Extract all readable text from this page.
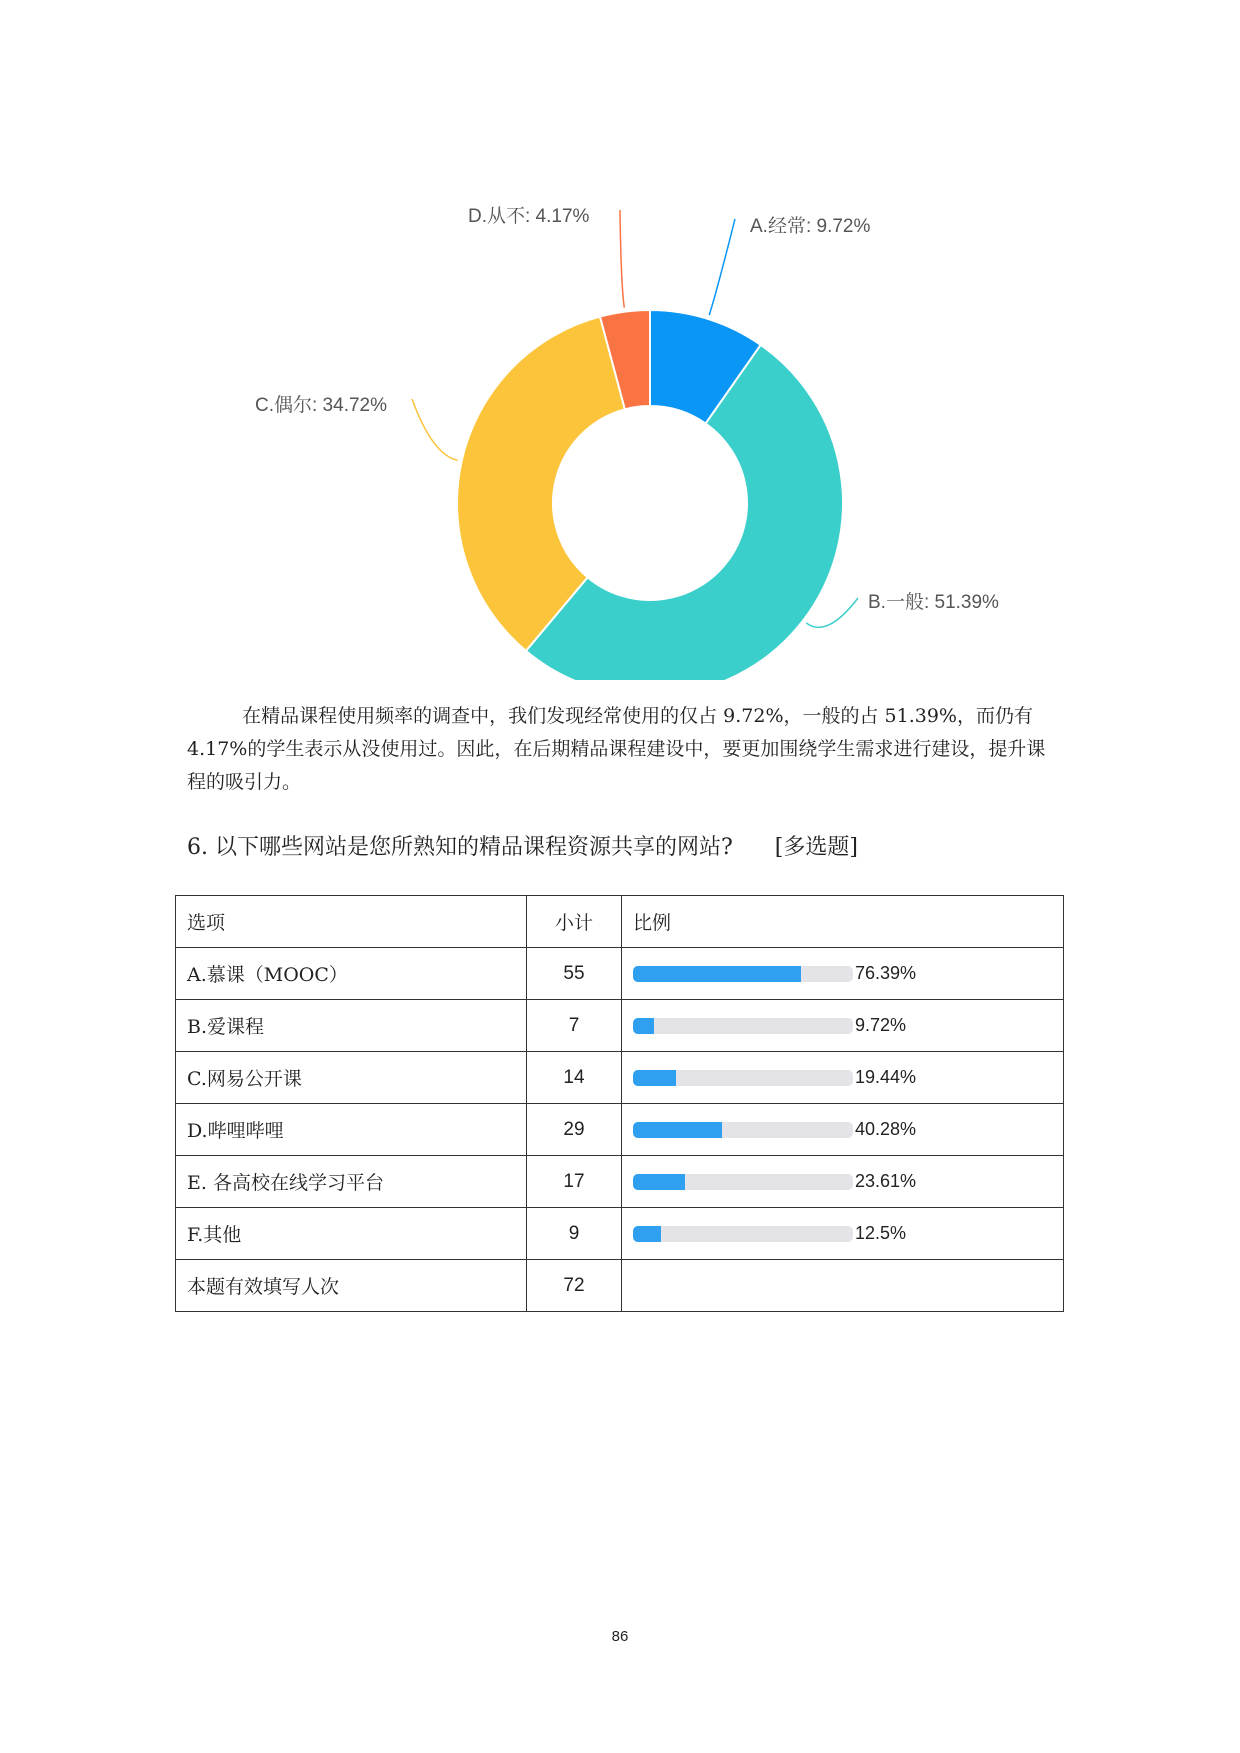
D.从不: 4.17%	A.经常: 9.72%
C.偶尔: 34.72%
B.一般: 51.39%
在精品课程使用频率的调查中，我们发现经常使用的仅占 9.72%，一般的占 51.39%，而仍有 4.17%的学生表示从没使用过。因此，在后期精品课程建设中，要更加围绕学生需求进行建设，提升课程的吸引力。
6. 以下哪些网站是您所熟知的精品课程资源共享的网站? [多选题]
选项	小计	比例
A.慕课（MOOC）	55	76.39%

B.爱课程	7	9.72%

C.网易公开课	14	19.44%

D.哔哩哔哩	29	40.28%

E. 各高校在线学习平台	17	23.61%

F.其他	9	12.5%

本题有效填写人次	72	
86
